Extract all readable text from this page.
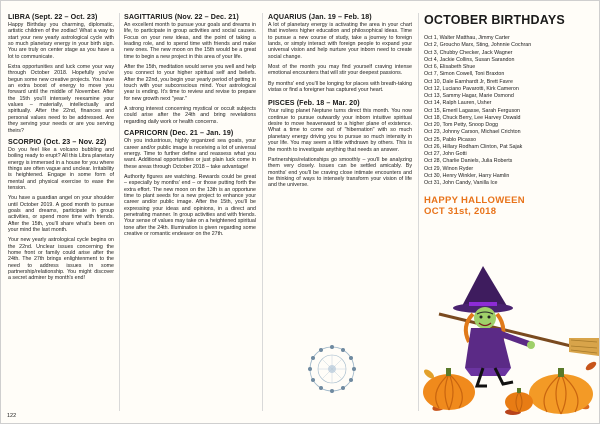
LIBRA (Sept. 22 – Oct. 23)

Happy Birthday you charming, diplomatic, artistic children of the zodiac! What a way to start your new yearly astrological cycle with so much planetary energy in your birth sign. You are truly on center stage as you have a lot to communicate.

Extra opportunities and luck come your way through October 2018. Hopefully you've begun some new creative projects. You have an extra boost of energy to move you forward until the middle of November. After the 15th you'll intensely reexamine your values – materially, intellectually and spiritually. After the 22nd, finances and personal values need to be addressed. Are they serving your needs or are you serving theirs?

SCORPIO (Oct. 23 – Nov. 22)

Do you feel like a volcano bubbling and boiling ready to erupt? All this Libra planetary energy is immersed in a house for you where things are often vague and unclear. Irritability is heightened. Engage in some form of mental and physical exercise to ease the tension.

You have a guardian angel on your shoulder until October 2019. A good month to pursue goals and dreams, participate in group activities, or spend more time with friends. After the 15th, you'll share what's been on your mind the last month.

Your new yearly astrological cycle begins on the 22nd. Unclear issues concerning the home front or family could arise after the 24th. The 27th brings enlightenment to the need to address issues in some partnership/relationship. You might discover a secret admirer by month's end!

SAGITTARIUS (Nov. 22 – Dec. 21)

An excellent month to pursue your goals and dreams in life, to participate in group activities and social causes. Focus on your new ideas, and the point of taking a leading role, and to spend time with friends and make new ones. The new moon on the 15th would be a great time to begin a new project in this area of your life.

After the 15th, meditation would serve you well and help you connect to your higher spiritual self and beliefs. After the 22nd, you begin your yearly period of getting in touch with your subconscious mind. Your astrological year is ending. It's time to review and revise to prepare for new growth next "year."

A strong interest concerning mystical or occult subjects could arise after the 24th and bring revelations regarding daily work or health concerns.

CAPRICORN (Dec. 21 – Jan. 19)

Oh you industrious, highly organized sea goats, your career and/or public image is receiving a lot of universal energy. Time to further define and reassess what you want. Additional opportunities or just plain luck come in these areas through October 2018 – take advantage!

Authority figures are watching. Rewards could be great – especially by months' end – or those putting forth the extra effort. The new moon on the 13th is an opportune time to plant seeds for a new project to enhance your career and/or public image. After the 15th, you'll be expressing your ideas and opinions, in a direct and penetrating manner. In group activities and with friends. Your sense of values may take on a heightened spiritual tone after the 24th. Illumination is given regarding some creative or romantic endeavor on the 27th.

AQUARIUS (Jan. 19 – Feb. 18)

A lot of planetary energy is activating the area in your chart that involves higher education and philosophical ideas. Time to pursue a new course of study, take a journey to foreign lands, or simply interact with foreign people to expand your universal vision and help nurture your inborn need to create social change.

Most of the month you may find yourself craving intense emotional encounters that will stir your deepest passions.

By months' end you'll be longing for places with breath-taking vistas or find a foreigner has captured your heart.

PISCES (Feb. 18 – Mar. 20)

Your ruling planet Neptune turns direct this month. You now continue to pursue outwardly your inborn intuitive spiritual desire to move heavenward to a higher plane of existence. What a time to come out of "hibernation" with so much planetary energy driving you to pursue so much intensity in your life. You may seem a little withdrawn by others. This is the month to investigate anything that needs an answer.

Partnerships/relationships go smoothly – you'll be analyzing them very closely. Issues can be settled amicably. By months' end you'll be craving close intimate encounters and be thinking of ways to intensely transform your vision of life and the universe.

OCTOBER BIRTHDAYS
Oct 1, Walter Matthau, Jimmy Carter
Oct 2, Groucho Marx, Sting, Johnnie Cochran
Oct 3, Chubby Checker, Jack Wagner
Oct 4, Jackie Collins, Susan Sarandon
Oct 6, Elisabeth Shue
Oct 7, Simon Cowell, Toni Braxton
Oct 10, Dale Earnhardt Jr, Brett Favre
Oct 12, Luciano Pavarotti, Kirk Cameron
Oct 13, Sammy Hagar, Marie Osmond
Oct 14, Ralph Lauren, Usher
Oct 15, Emeril Lagasse, Sarah Ferguson
Oct 18, Chuck Berry, Lee Harvey Oswald
Oct 20, Tom Petty, Snoop Dogg
Oct 23, Johnny Carson, Michael Crichton
Oct 25, Pablo Picasso
Oct 26, Hillary Rodham Clinton, Pat Sajak
Oct 27, John Gotti
Oct 28, Charlie Daniels, Julia Roberts
Oct 29, Winon Ryder
Oct 30, Henry Winkler, Harry Hamlin
Oct 31, John Candy, Vanilla Ice
HAPPY HALLOWEEN
OCT 31st, 2018
122
